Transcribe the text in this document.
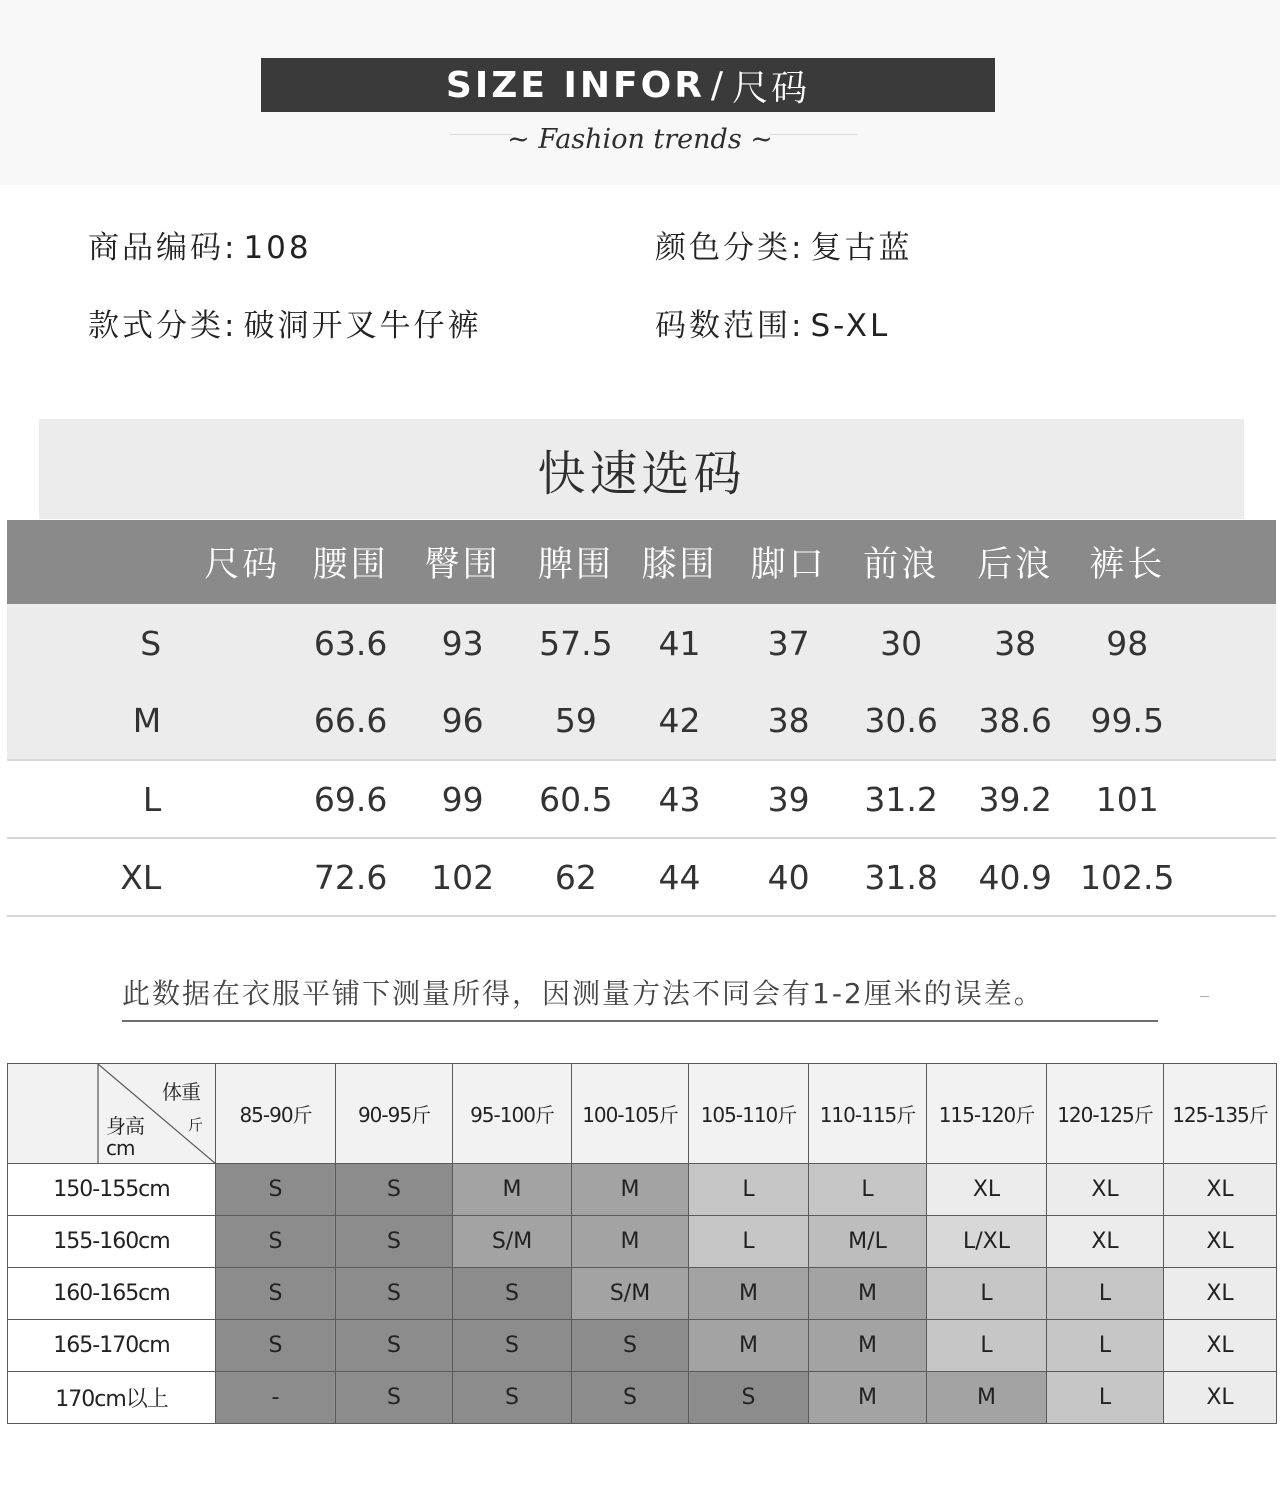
SIZE INFOR / 尺码
~ Fashion trends ~
商品编码: 108	颜色分类: 复古蓝
款式分类: 破洞开叉牛仔裤	码数范围: S-XL
快速选码
尺码	腰围	臀围	脾围	膝围	脚口	前浪	后浪	裤长	
S	63.6	93	57.5	41	37	30	38	98	
M	66.6	96	59	42	38	30.6	38.6	99.5	
L	69.6	99	60.5	43	39	31.2	39.2	101	
XL	72.6	102	62	44	40	31.8	40.9	102.5	
此数据在衣服平铺下测量所得，因测量方法不同会有1-2厘米的误差。
体重
斤
身高
cm	85-90斤	90-95斤	95-100斤	100-105斤	105-110斤	110-115斤	115-120斤	120-125斤	125-135斤
150-155cm	S	S	M	M	L	L	XL	XL	XL
155-160cm	S	S	S/M	M	L	M/L	L/XL	XL	XL
160-165cm	S	S	S	S/M	M	M	L	L	XL
165-170cm	S	S	S	S	M	M	L	L	XL
170cm以上	-	S	S	S	S	M	M	L	XL
